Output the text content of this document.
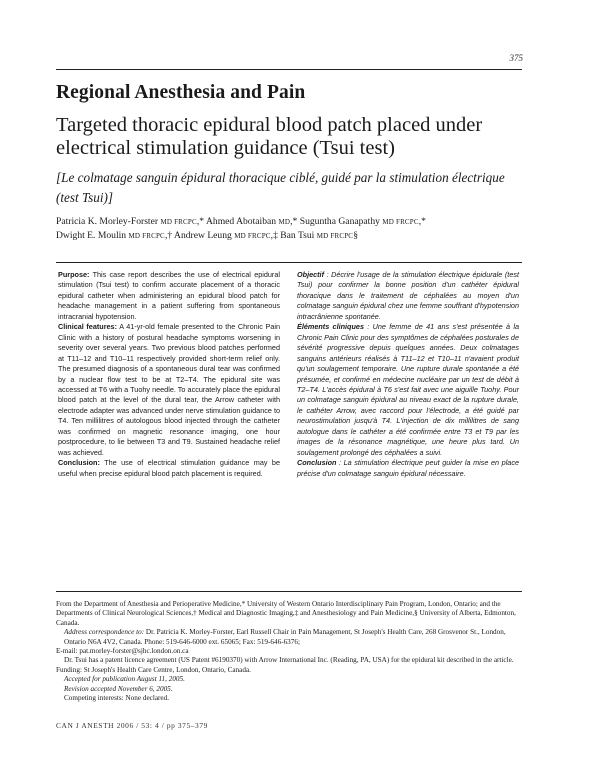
375
Regional Anesthesia and Pain
Targeted thoracic epidural blood patch placed under electrical stimulation guidance (Tsui test)
[Le colmatage sanguin épidural thoracique ciblé, guidé par la stimulation électrique (test Tsui)]
Patricia K. Morley-Forster MD FRCPC,* Ahmed Abotaiban MD,* Suguntha Ganapathy MD FRCPC,*
Dwight E. Moulin MD FRCPC,† Andrew Leung MD FRCPC,‡ Ban Tsui MD FRCPC§

Purpose: This case report describes the use of electrical epidural stimulation (Tsui test) to confirm accurate placement of a thoracic epidural catheter when administering an epidural blood patch for headache management in a patient suffering from spontaneous intracranial hypotension.

Clinical features: A 41-yr-old female presented to the Chronic Pain Clinic with a history of postural headache symptoms worsening in severity over several years. Two previous blood patches performed at T11–12 and T10–11 respectively provided short-term relief only. The presumed diagnosis of a spontaneous dural tear was confirmed by a nuclear flow test to be at T2–T4. The epidural site was accessed at T6 with a Tuohy needle. To accurately place the epidural blood patch at the level of the dural tear, the Arrow catheter with electrode adapter was advanced under nerve stimulation guidance to T4. Ten millilitres of autologous blood injected through the catheter was confirmed on magnetic resonance imaging, one hour postprocedure, to lie between T3 and T9. Sustained headache relief was achieved.

Conclusion: The use of electrical stimulation guidance may be useful when precise epidural blood patch placement is required.

Objectif : Décrire l'usage de la stimulation électrique épidurale (test Tsui) pour confirmer la bonne position d'un cathéter épidural thoracique dans le traitement de céphalées au moyen d'un colmatage sanguin épidural chez une femme souffrant d'hypotension intracrânienne spontanée.

Éléments cliniques : Une femme de 41 ans s'est présentée à la Chronic Pain Clinic pour des symptômes de céphalées posturales de sévérité progressive depuis quelques années. Deux colmatages sanguins antérieurs réalisés à T11–12 et T10–11 n'avaient produit qu'un soulagement temporaire. Une rupture durale spontanée a été présumée, et confirmé en médecine nucléaire par un test de débit à T2–T4. L'accès épidural à T6 s'est fait avec une aiguille Tuohy. Pour un colmatage sanguin épidural au niveau exact de la rupture durale, le cathéter Arrow, avec raccord pour l'électrode, a été guidé par neurostimulation jusqu'à T4. L'injection de dix millilitres de sang autologue dans le cathéter a été confirmée entre T3 et T9 par les images de la résonance magnétique, une heure plus tard. Un soulagement prolongé des céphalées a suivi.

Conclusion : La stimulation électrique peut guider la mise en place précise d'un colmatage sanguin épidural nécessaire.

From the Department of Anesthesia and Perioperative Medicine,* University of Western Ontario Interdisciplinary Pain Program, London, Ontario; and the Departments of Clinical Neurological Sciences,† Medical and Diagnostic Imaging,‡ and Anesthesiology and Pain Medicine,§ University of Alberta, Edmonton, Canada.

Address correspondence to: Dr. Patricia K. Morley-Forster, Earl Russell Chair in Pain Management, St Joseph's Health Care, 268 Grosvenor St., London, Ontario N6A 4V2, Canada. Phone: 519-646-6000 ext. 65065; Fax: 519-646-6376;

E-mail: pat.morley-forster@sjhc.london.on.ca

Dr. Tsui has a patent licence agreement (US Patent #6190370) with Arrow International Inc. (Reading, PA, USA) for the epidural kit described in the article.

Funding: St Joseph's Health Care Centre, London, Ontario, Canada.

Accepted for publication August 11, 2005.

Revision accepted November 6, 2005.

Competing interests: None declared.

CAN J ANESTH 2006 / 53: 4 / pp 375–379
